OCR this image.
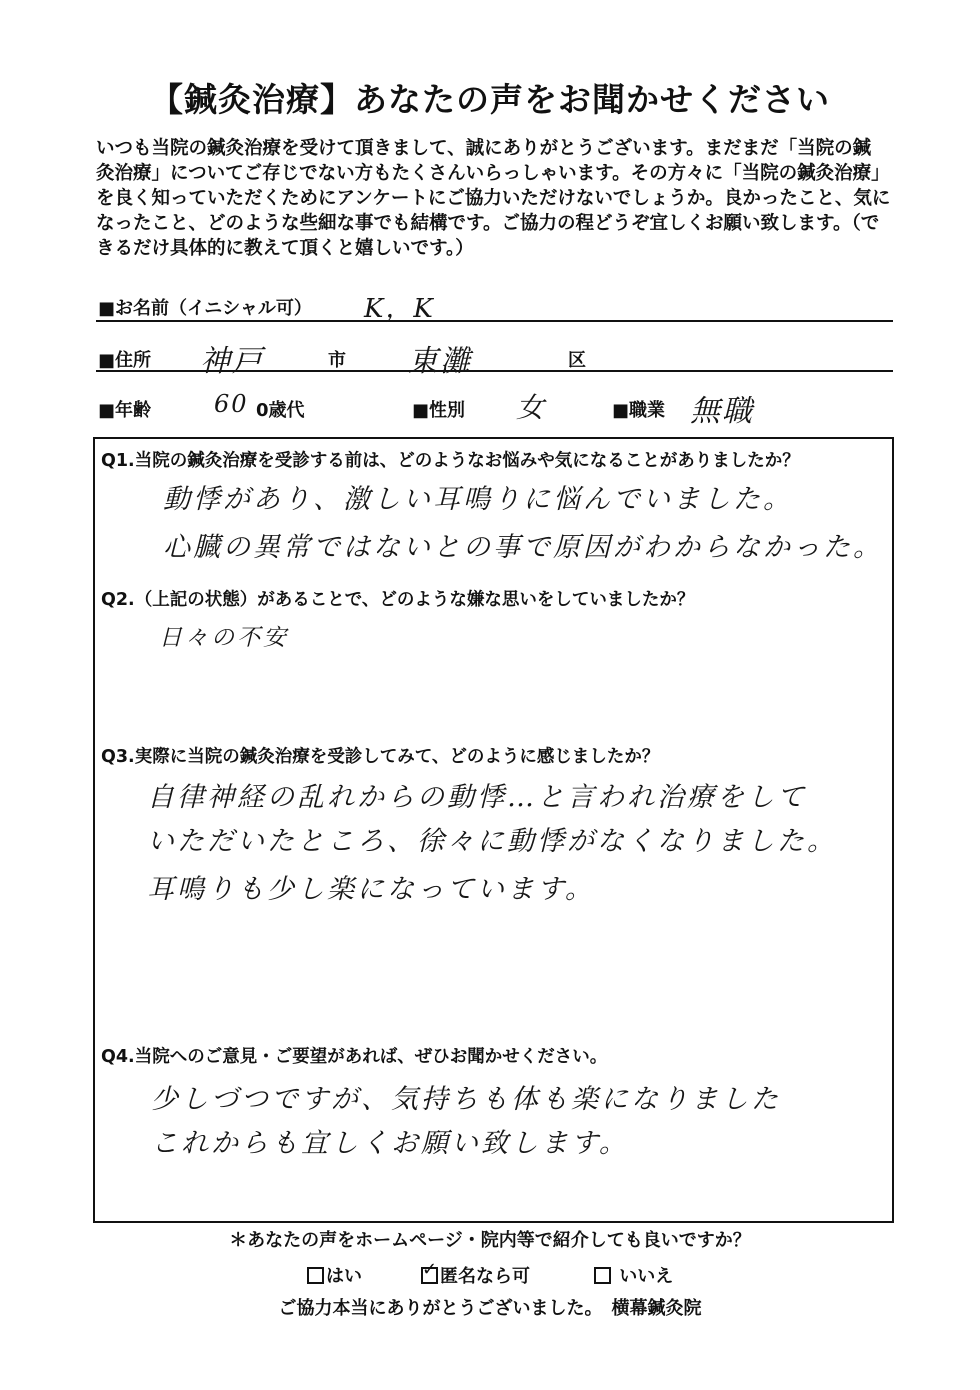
【鍼灸治療】あなたの声をお聞かせください
いつも当院の鍼灸治療を受けて頂きまして、誠にありがとうございます。まだまだ「当院の鍼
灸治療」についてご存じでない方もたくさんいらっしゃいます。その方々に「当院の鍼灸治療」
を良く知っていただくためにアンケートにご協力いただけないでしょうか。良かったこと、気に
なったこと、どのような些細な事でも結構です。ご協力の程どうぞ宜しくお願い致します。（で
きるだけ具体的に教えて頂くと嬉しいです。）
■お名前（イニシャル可） K，K
■住所 神戸	市 東灘	区
■年齢	60 0歳代	■性別 女	■職業 無職
Q1.当院の鍼灸治療を受診する前は、どのようなお悩みや気になることがありましたか？
動悸があり、激しい耳鳴りに悩んでいました。
心臓の異常ではないとの事で原因がわからなかった。
Q2.（上記の状態）があることで、どのような嫌な思いをしていましたか？
日々の不安
Q3.実際に当院の鍼灸治療を受診してみて、どのように感じましたか？
自律神経の乱れからの動悸…と言われ治療をして
いただいたところ、徐々に動悸がなくなりました。
耳鳴りも少し楽になっています。
Q4.当院へのご意見・ご要望があれば、ぜひお聞かせください。
少しづつですが、気持ちも体も楽になりました
これからも宜しくお願い致します。
＊あなたの声をホームページ・院内等で紹介しても良いですか？
はい	✓ 匿名なら可	いいえ
ご協力本当にありがとうございました。　横幕鍼灸院
